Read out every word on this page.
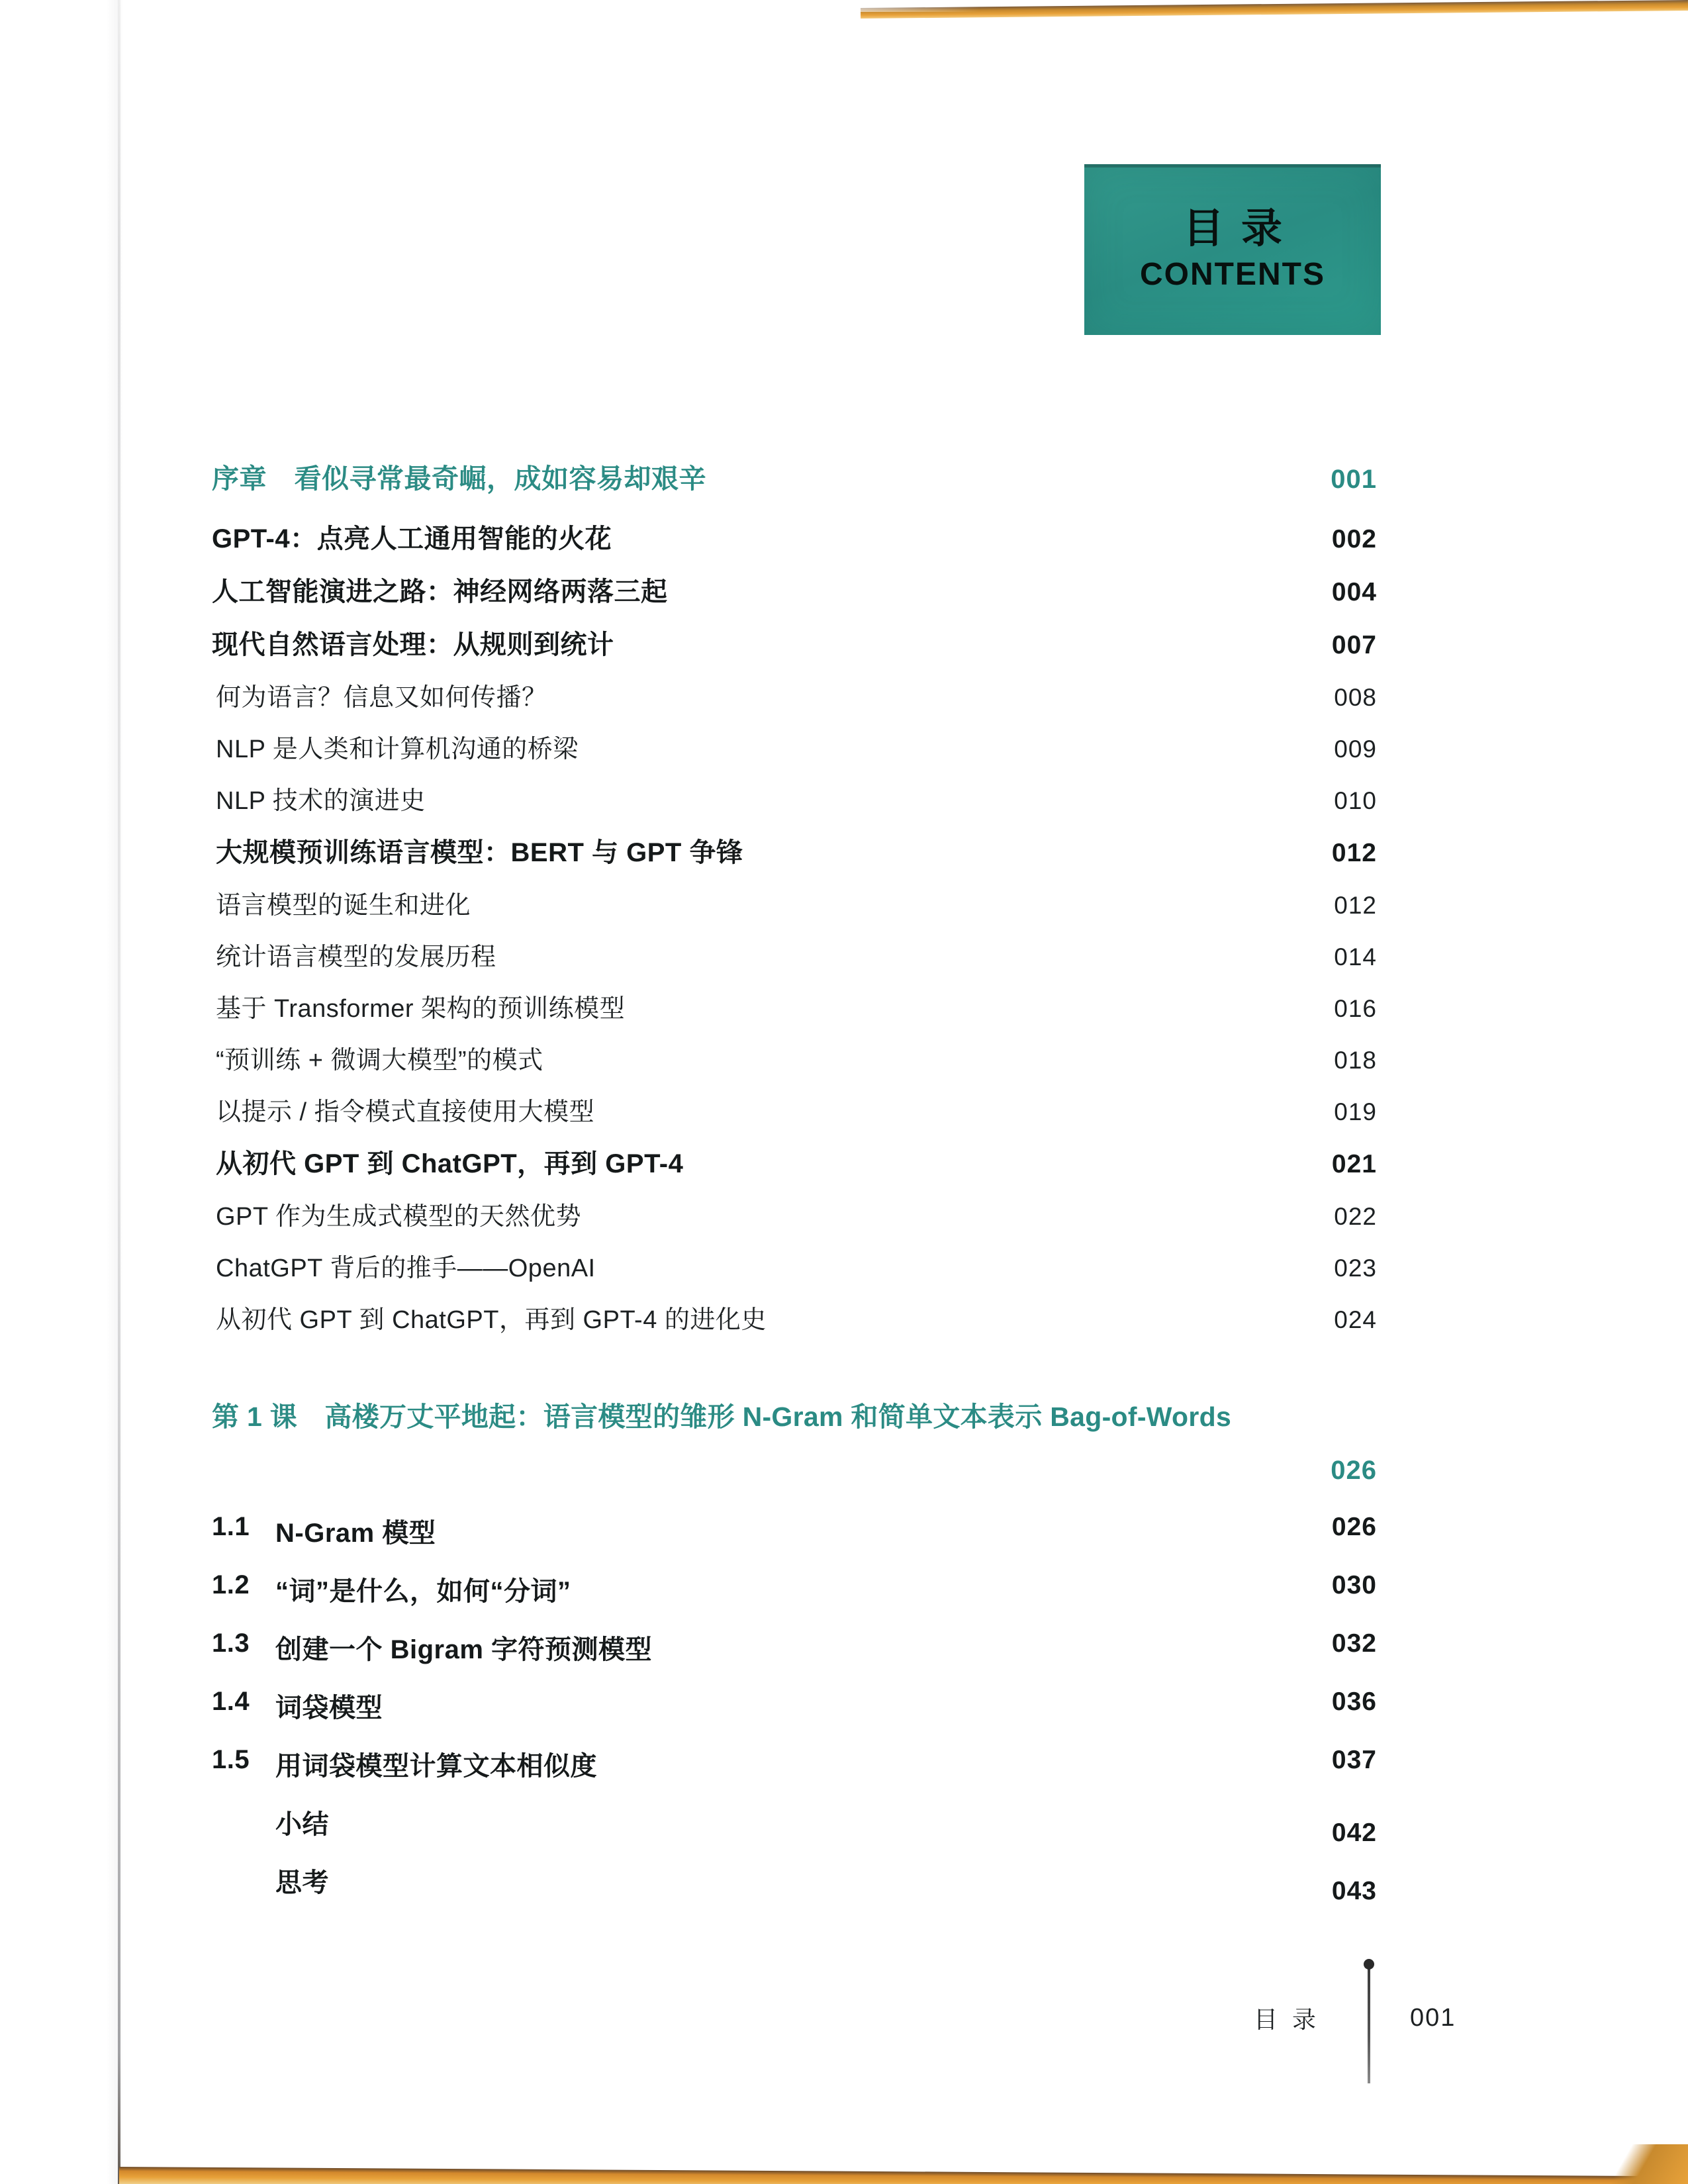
目录
CONTENTS
序章　看似寻常最奇崛，成如容易却艰辛	001
GPT-4：点亮人工通用智能的火花	002
人工智能演进之路：神经网络两落三起	004
现代自然语言处理：从规则到统计	007
何为语言？信息又如何传播？	008
NLP 是人类和计算机沟通的桥梁	009
NLP 技术的演进史	010
大规模预训练语言模型：BERT 与 GPT 争锋	012
语言模型的诞生和进化	012
统计语言模型的发展历程	014
基于 Transformer 架构的预训练模型	016
“预训练 + 微调大模型”的模式	018
以提示 / 指令模式直接使用大模型	019
从初代 GPT 到 ChatGPT，再到 GPT-4	021
GPT 作为生成式模型的天然优势	022
ChatGPT 背后的推手——OpenAI	023
从初代 GPT 到 ChatGPT，再到 GPT-4 的进化史	024
第 1 课　高楼万丈平地起：语言模型的雏形 N-Gram 和简单文本表示 Bag-of-Words
026
1.1 N-Gram 模型	026
1.2 “词”是什么，如何“分词”	030
1.3 创建一个 Bigram 字符预测模型	032
1.4 词袋模型	036
1.5 用词袋模型计算文本相似度	037
小结	042
思考	043
目录	001
